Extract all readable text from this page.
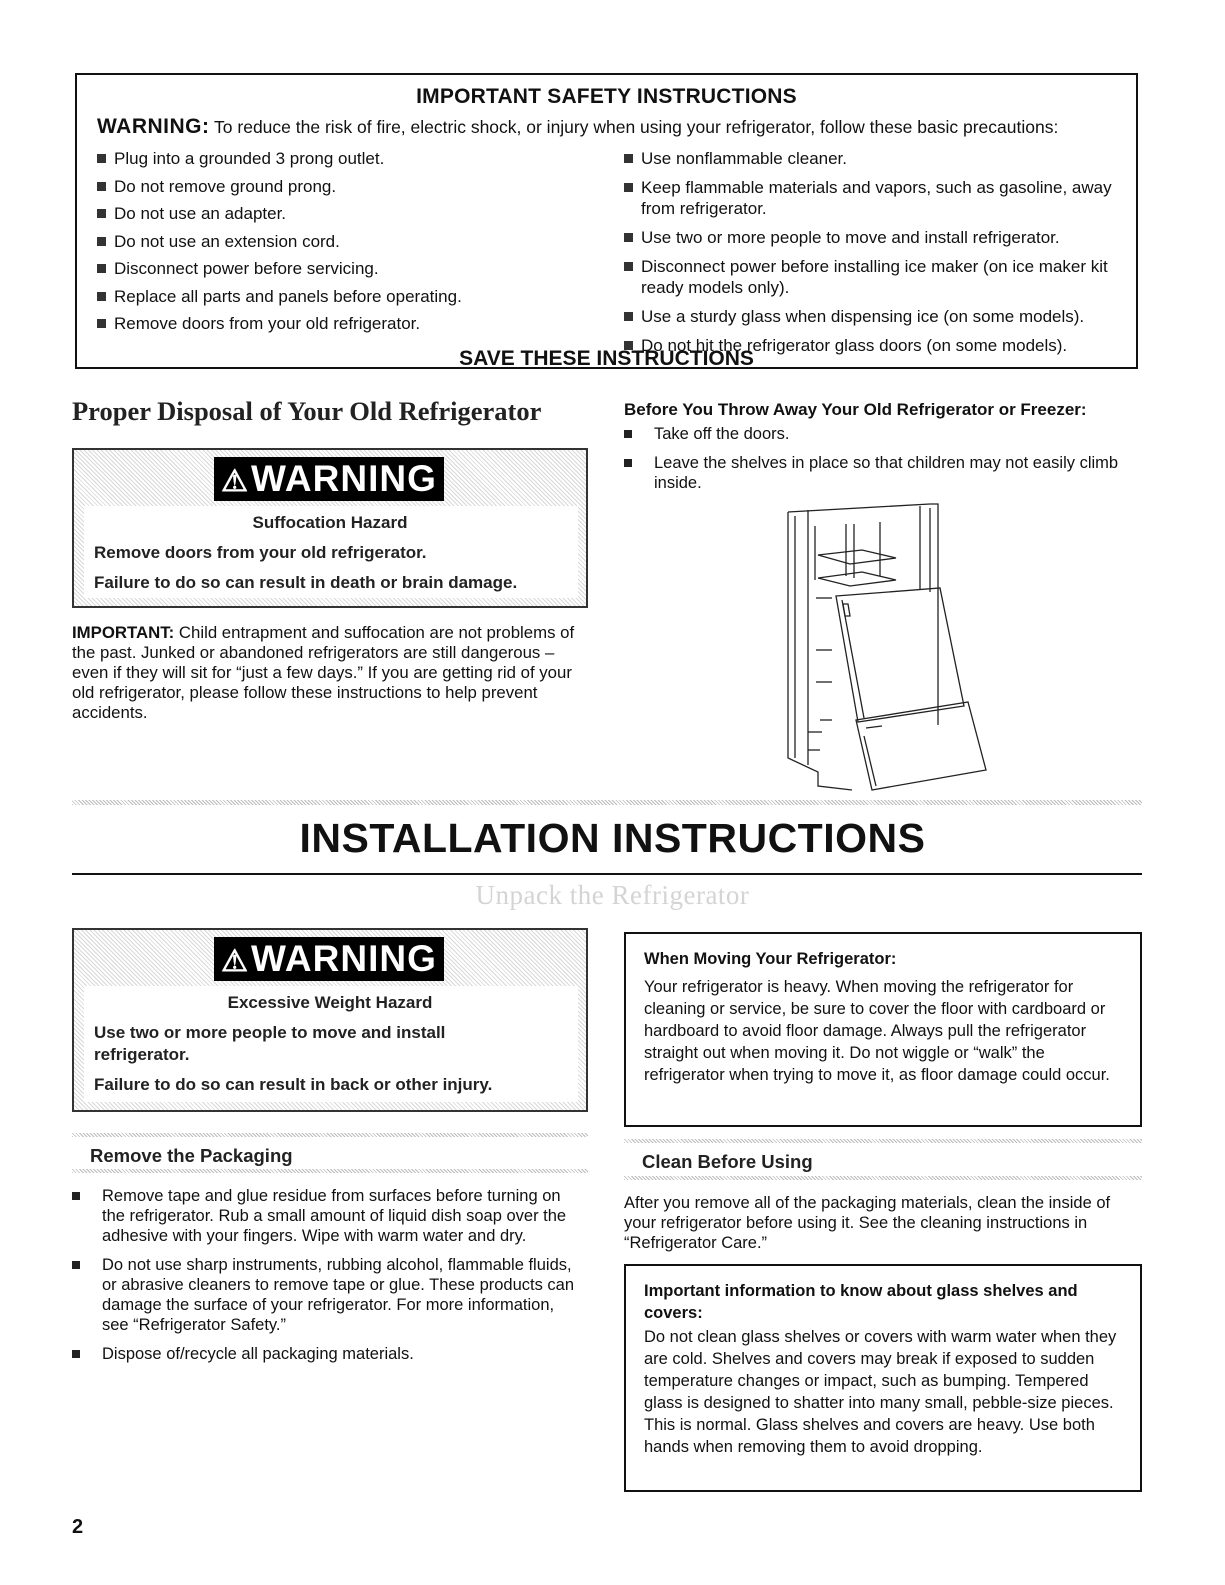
IMPORTANT SAFETY INSTRUCTIONS
WARNING: To reduce the risk of fire, electric shock, or injury when using your refrigerator, follow these basic precautions:
Plug into a grounded 3 prong outlet.
Do not remove ground prong.
Do not use an adapter.
Do not use an extension cord.
Disconnect power before servicing.
Replace all parts and panels before operating.
Remove doors from your old refrigerator.
Use nonflammable cleaner.
Keep flammable materials and vapors, such as gasoline, away from refrigerator.
Use two or more people to move and install refrigerator.
Disconnect power before installing ice maker (on ice maker kit ready models only).
Use a sturdy glass when dispensing ice (on some models).
Do not hit the refrigerator glass doors (on some models).
SAVE THESE INSTRUCTIONS
Proper Disposal of Your Old Refrigerator
⚠WARNING
Suffocation Hazard
Remove doors from your old refrigerator.
Failure to do so can result in death or brain damage.
IMPORTANT: Child entrapment and suffocation are not problems of the past. Junked or abandoned refrigerators are still dangerous – even if they will sit for “just a few days.” If you are getting rid of your old refrigerator, please follow these instructions to help prevent accidents.
Before You Throw Away Your Old Refrigerator or Freezer:
Take off the doors.
Leave the shelves in place so that children may not easily climb inside.
INSTALLATION INSTRUCTIONS
Unpack the Refrigerator
⚠WARNING
Excessive Weight Hazard
Use two or more people to move and install refrigerator.
Failure to do so can result in back or other injury.
When Moving Your Refrigerator:
Your refrigerator is heavy. When moving the refrigerator for cleaning or service, be sure to cover the floor with cardboard or hardboard to avoid floor damage. Always pull the refrigerator straight out when moving it. Do not wiggle or “walk” the refrigerator when trying to move it, as floor damage could occur.
Remove the Packaging
Remove tape and glue residue from surfaces before turning on the refrigerator. Rub a small amount of liquid dish soap over the adhesive with your fingers. Wipe with warm water and dry.
Do not use sharp instruments, rubbing alcohol, flammable fluids, or abrasive cleaners to remove tape or glue. These products can damage the surface of your refrigerator. For more information, see “Refrigerator Safety.”
Dispose of/recycle all packaging materials.
Clean Before Using
After you remove all of the packaging materials, clean the inside of your refrigerator before using it. See the cleaning instructions in “Refrigerator Care.”
Important information to know about glass shelves and covers:
Do not clean glass shelves or covers with warm water when they are cold. Shelves and covers may break if exposed to sudden temperature changes or impact, such as bumping. Tempered glass is designed to shatter into many small, pebble-size pieces. This is normal. Glass shelves and covers are heavy. Use both hands when removing them to avoid dropping.
2
